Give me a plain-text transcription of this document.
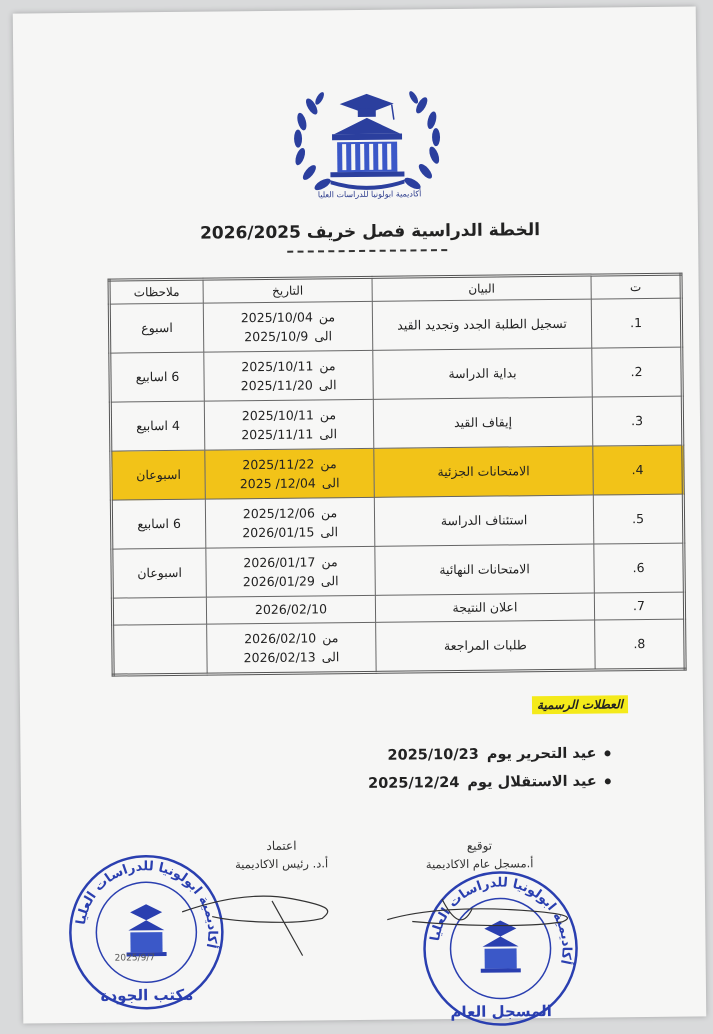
أكاديمية ابولونيا للدراسات العليا
الخطة الدراسية فصل خريف 2026/2025
ت	البيان	التاريخ	ملاحظات
1.	تسجيل الطلبة الجدد وتجديد القيد	من
2025/10/04
الى
2025/10/9	اسبوع
2.	بداية الدراسة	من
2025/10/11
الى
2025/11/20	6 اسابيع
3.	إيقاف القيد	من
2025/10/11
الى
2025/11/11	4 اسابيع
4.	الامتحانات الجزئية	من
2025/11/22
الى
2025 /12/04	اسبوعان
5.	استئناف الدراسة	من
2025/12/06
الى
2026/01/15	6 اسابيع
6.	الامتحانات النهائية	من
2026/01/17
الى
2026/01/29	اسبوعان
7.	اعلان النتيجة	2026/02/10	
8.	طلبات المراجعة	من
2026/02/10
الى
2026/02/13	

العطلات الرسمية
عيد التحرير يوم
2025/10/23
عيد الاستقلال يوم
2025/12/24
اعتماد
أ.د. رئيس الاكاديمية
توقيع
أ.مسجل عام الاكاديمية
أكاديمية ابولونيا للدراسات العليا
مكتب الجودة
2025/9/7
أكاديمية ابولونيا للدراسات العليا
المسجل العام
